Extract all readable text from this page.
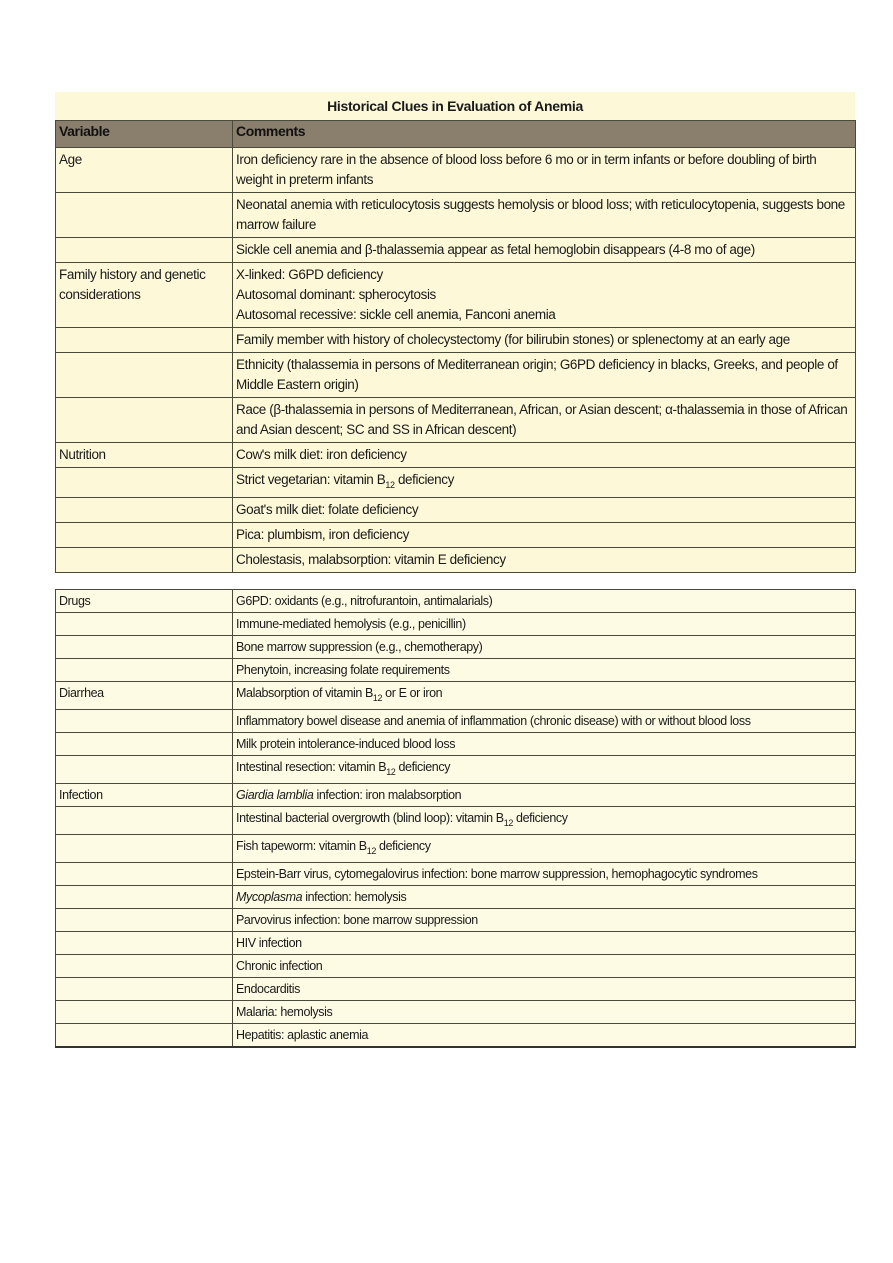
Historical Clues in Evaluation of Anemia
Variable	Comments
Age	Iron deficiency rare in the absence of blood loss before 6 mo or in term infants or before doubling of birth weight in preterm infants
	Neonatal anemia with reticulocytosis suggests hemolysis or blood loss; with reticulocytopenia, suggests bone marrow failure
	Sickle cell anemia and β-thalassemia appear as fetal hemoglobin disappears (4-8 mo of age)
Family history and genetic considerations	X-linked: G6PD deficiency
Autosomal dominant: spherocytosis
Autosomal recessive: sickle cell anemia, Fanconi anemia

	Family member with history of cholecystectomy (for bilirubin stones) or splenectomy at an early age
	Ethnicity (thalassemia in persons of Mediterranean origin; G6PD deficiency in blacks, Greeks, and people of Middle Eastern origin)
	Race (β-thalassemia in persons of Mediterranean, African, or Asian descent; α-thalassemia in those of African and Asian descent; SC and SS in African descent)
Nutrition	Cow's milk diet: iron deficiency
	Strict vegetarian: vitamin $B_{12}$ deficiency
	Goat's milk diet: folate deficiency
	Pica: plumbism, iron deficiency
	Cholestasis, malabsorption: vitamin E deficiency
Drugs	G6PD: oxidants (e.g., nitrofurantoin, antimalarials)
	Immune-mediated hemolysis (e.g., penicillin)
	Bone marrow suppression (e.g., chemotherapy)
	Phenytoin, increasing folate requirements
Diarrhea	Malabsorption of vitamin $B_{12}$ or E or iron
	Inflammatory bowel disease and anemia of inflammation (chronic disease) with or without blood loss
	Milk protein intolerance-induced blood loss
	Intestinal resection: vitamin $B_{12}$ deficiency
Infection	Giardia lamblia infection: iron malabsorption
	Intestinal bacterial overgrowth (blind loop): vitamin $B_{12}$ deficiency
	Fish tapeworm: vitamin $B_{12}$ deficiency
	Epstein-Barr virus, cytomegalovirus infection: bone marrow suppression, hemophagocytic syndromes
	Mycoplasma infection: hemolysis
	Parvovirus infection: bone marrow suppression
	HIV infection
	Chronic infection
	Endocarditis
	Malaria: hemolysis
	Hepatitis: aplastic anemia
